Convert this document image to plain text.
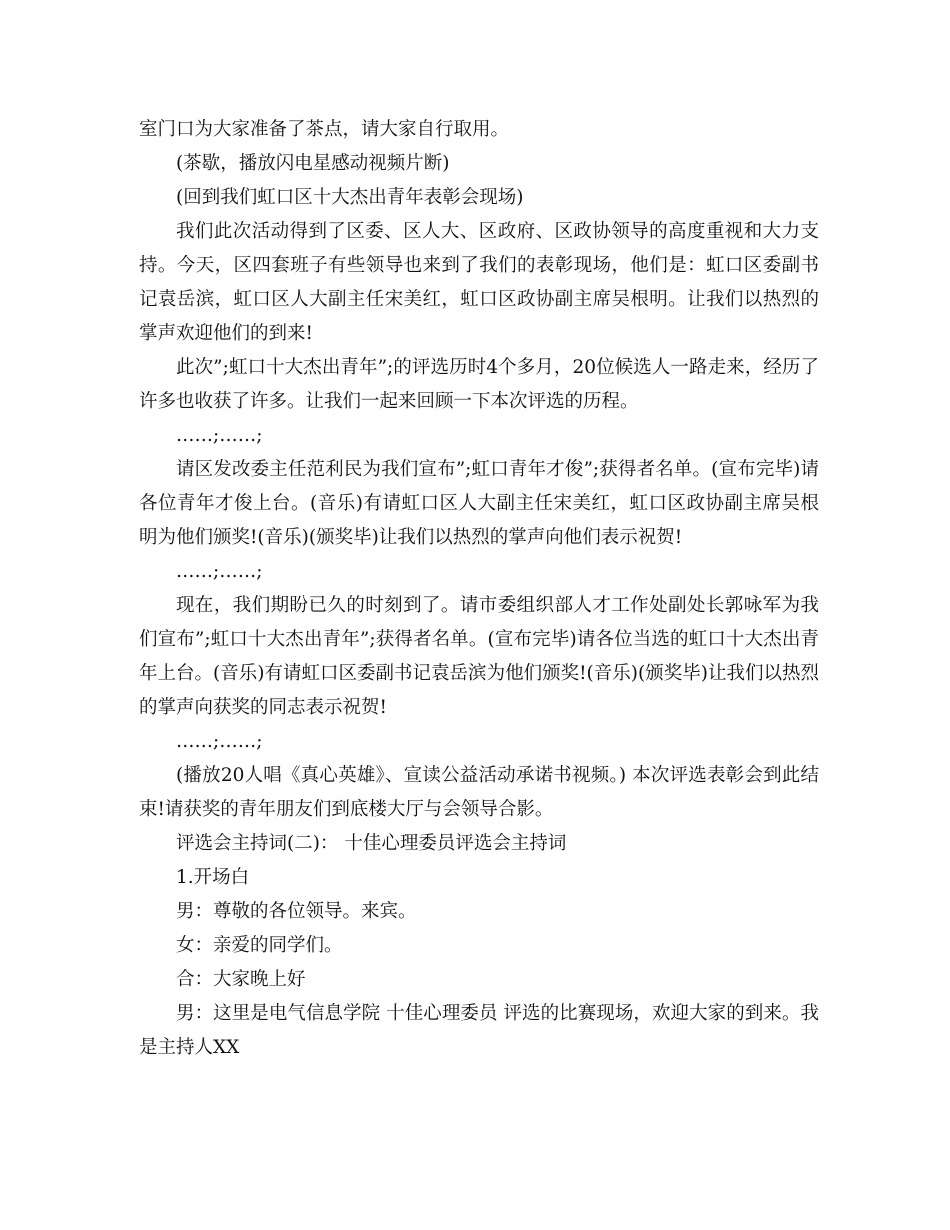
室门口为大家准备了茶点，请大家自行取用。

(茶歇，播放闪电星感动视频片断)

(回到我们虹口区十大杰出青年表彰会现场)

我们此次活动得到了区委、区人大、区政府、区政协领导的高度重视和大力支持。今天，区四套班子有些领导也来到了我们的表彰现场，他们是：虹口区委副书记袁岳滨，虹口区人大副主任宋美红，虹口区政协副主席吴根明。让我们以热烈的掌声欢迎他们的到来!

此次”;虹口十大杰出青年”;的评选历时4个多月，20位候选人一路走来，经历了许多也收获了许多。让我们一起来回顾一下本次评选的历程。

……;……;

请区发改委主任范利民为我们宣布”;虹口青年才俊”;获得者名单。(宣布完毕)请各位青年才俊上台。(音乐)有请虹口区人大副主任宋美红，虹口区政协副主席吴根明为他们颁奖!(音乐)(颁奖毕)让我们以热烈的掌声向他们表示祝贺!

……;……;

现在，我们期盼已久的时刻到了。请市委组织部人才工作处副处长郭咏军为我们宣布”;虹口十大杰出青年”;获得者名单。(宣布完毕)请各位当选的虹口十大杰出青年上台。(音乐)有请虹口区委副书记袁岳滨为他们颁奖!(音乐)(颁奖毕)让我们以热烈的掌声向获奖的同志表示祝贺!

……;……;

(播放20人唱《真心英雄》、宣读公益活动承诺书视频。) 本次评选表彰会到此结束!请获奖的青年朋友们到底楼大厅与会领导合影。

评选会主持词(二)： 十佳心理委员评选会主持词

1.开场白

男：尊敬的各位领导。来宾。

女：亲爱的同学们。

合：大家晚上好

男：这里是电气信息学院 十佳心理委员 评选的比赛现场，欢迎大家的到来。我是主持人XX
